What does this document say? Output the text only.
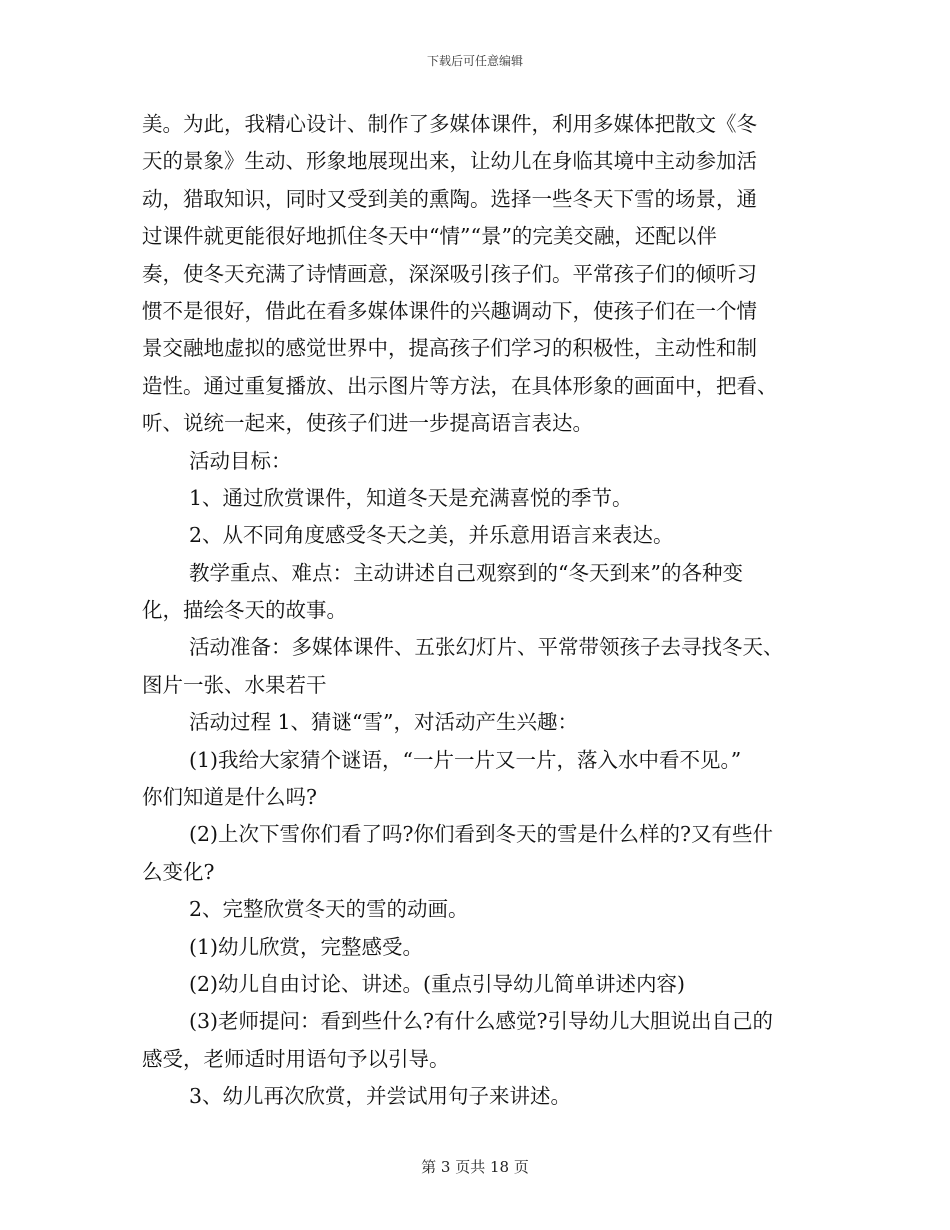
下载后可任意编辑
美。为此，我精心设计、制作了多媒体课件，利用多媒体把散文《冬
天的景象》生动、形象地展现出来，让幼儿在身临其境中主动参加活
动，猎取知识，同时又受到美的熏陶。选择一些冬天下雪的场景，通
过课件就更能很好地抓住冬天中“情”“景”的完美交融，还配以伴
奏，使冬天充满了诗情画意，深深吸引孩子们。平常孩子们的倾听习
惯不是很好，借此在看多媒体课件的兴趣调动下，使孩子们在一个情
景交融地虚拟的感觉世界中，提高孩子们学习的积极性，主动性和制
造性。通过重复播放、出示图片等方法，在具体形象的画面中，把看、
听、说统一起来，使孩子们进一步提高语言表达。
活动目标：
1、通过欣赏课件，知道冬天是充满喜悦的季节。
2、从不同角度感受冬天之美，并乐意用语言来表达。
教学重点、难点：主动讲述自己观察到的“冬天到来”的各种变
化，描绘冬天的故事。
活动准备：多媒体课件、五张幻灯片、平常带领孩子去寻找冬天、
图片一张、水果若干
活动过程 1、猜谜“雪”，对活动产生兴趣：
(1)我给大家猜个谜语，“一片一片又一片，落入水中看不见。”
你们知道是什么吗?
(2)上次下雪你们看了吗?你们看到冬天的雪是什么样的?又有些什
么变化?
2、完整欣赏冬天的雪的动画。
(1)幼儿欣赏，完整感受。
(2)幼儿自由讨论、讲述。(重点引导幼儿简单讲述内容)
(3)老师提问：看到些什么?有什么感觉?引导幼儿大胆说出自己的
感受，老师适时用语句予以引导。
3、幼儿再次欣赏，并尝试用句子来讲述。
第 3 页共 18 页
